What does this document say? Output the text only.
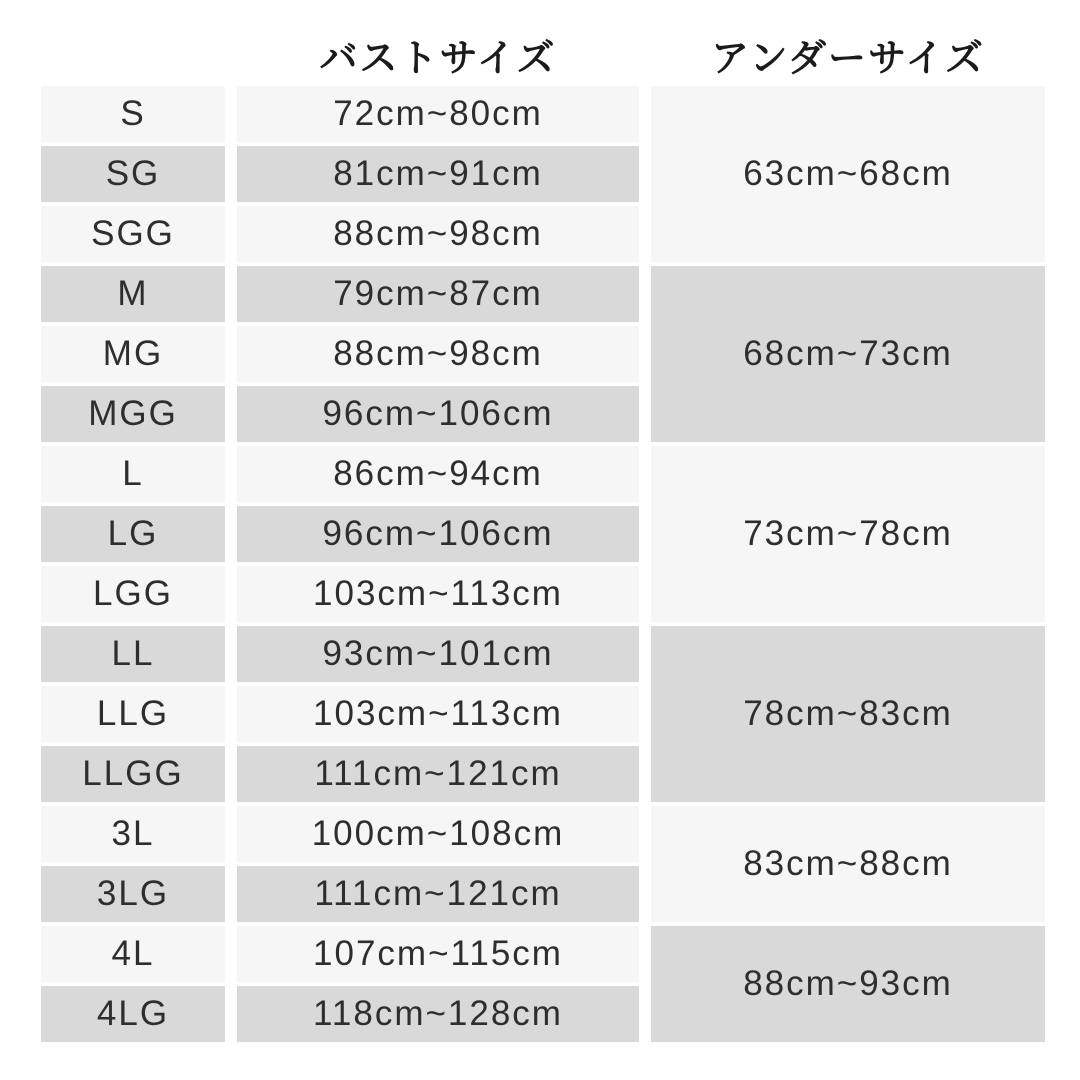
バストサイズ	アンダーサイズ
S
SG
SGG
M
MG
MGG
L
LG
LGG
LL
LLG
LLGG
3L
3LG
4L
4LG
72cm~80cm
81cm~91cm
88cm~98cm
79cm~87cm
88cm~98cm
96cm~106cm
86cm~94cm
96cm~106cm
103cm~113cm
93cm~101cm
103cm~113cm
111cm~121cm
100cm~108cm
111cm~121cm
107cm~115cm
118cm~128cm
63cm~68cm
68cm~73cm
73cm~78cm
78cm~83cm
83cm~88cm
88cm~93cm
